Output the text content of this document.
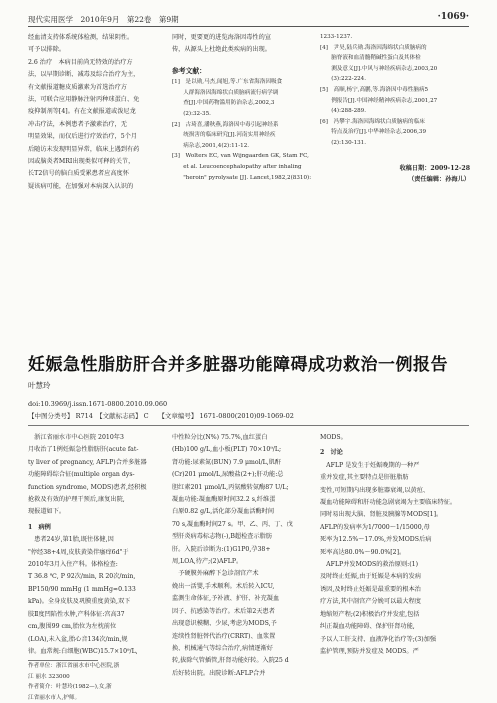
现代实用医学　2010年9月　第22卷　第9期	·1069·

经血清支持体系统体检测，结果阴性。

可予以排除。

2.6 治疗　本病目前尚无特效的治疗方

法，以早期诊断、减毒及综合治疗为主，

有文献报道糖皮质激素为首选治疗方

法，可联合应用静脉注射丙种球蛋白、免

疫抑制剂等[4]。有在文献报道或泼尼龙

冲击疗法，本例患者予激素治疗，无

明显效果，而仅后进行疗效治疗，5个月

后随访未发现明显异常，临床上遇到有药

因或脑炎者MRI出现类似可释的关节，

长T2信号的脑白质受累患者应高度怀

疑该病可能，在加强对本病深入认识的

同时，更要更的进览海洛因毒性的宣

传，从源头上杜绝此类疾病的出现。

参考文献：

[1]　是以勋,马杰,闻旭,等.广东省海洛因吸食

　　人群海洛因海绵状白质脑病流行病学调

　　查[J].中国药物滥用防治杂志,2002,3

　　(2):32-35.

[2]　古琦喜,潘秋燕,海洛因中毒引起神经系

　　统损害的临床研究[J].河南实用神经疾

　　病杂志,2001,4(2):11-12.

[3]　Wolters EC, van Wijngaarden GK, Stam FC,

　　et al. Leucoencephalopathy after inhaling

　　"heroin" pyrolysate [J]. Lancet,1982,2(8310):

1233-1237.

[4]　尹昊,陆兵勋.海洛因海绵状白质脑病的

　　脑脊液和血清髓鞘碱性蛋白及其体检

　　测及意义[J].中风与神经疾病杂志,2003,20

　　(3):222-224.

[5]　高顺,杨宁,高鹏,等.海洛因中毒性脑病5

　　例报告[J].中国神经精神疾病杂志,2001,27

　　(4):288-289.

[6]　冯攀宇.海洛因海绵状白质脑病的临床

　　特点及治疗[J].中华神经杂志,2006,39

　　(2):130-131.

收稿日期：2009-12-28

（责任编辑：孙海儿）

妊娠急性脂肪肝合并多脏器功能障碍成功救治一例报告
叶慧玲
doi:10.3969/j.issn.1671-0800.2010.09.060
【中图分类号】 R714　【文献标志码】 C　　【文章编号】 1671-0800(2010)09-1069-02

　浙江省丽水市中心医院 2010年3

月收治了1例妊娠急性脂肪肝(acute fat-

ty liver of pregnancy, AFLP)合并多脏器

功能障碍综合征(multiple organ dys-

function syndrome, MODS)患者,经积极

抢救及有效的护理干预后,康复出院,

现报道如下。

1　病例

　患者24岁,第1胎,既往体健,因

"停经38+4周,皮肤黄染伴瘙痒6d"于

2010年3月入住产科。体格检查:

T 36.8 ℃, P 92次/min, R 20次/min,

BP150/90 mmHg (1 mmHg≈0.133

kPa)。全身皮肤及巩膜重度黄染,双下

肢Ⅱ度凹陷性水肿,产科体征:宫高37

cm,腹围99 cm,胎位为左枕前位

(LOA),未入盆,胎心音134次/min,规

律。血常规:白细胞(WBC)15.7×10⁹/L,

作者单位：浙江省丽水市中心医院,浙

江 丽水 323000

作者简介：叶慧玲(1982—),女,浙

江省丽水市人,护师。

中性粒分比(N%) 75.7%,血红蛋白

(Hb)100 g/L,血小板(PLT) 70×10⁹/L;

肾功能:尿素氮(BUN) 7.9 μmol/L,肌酐

(Cr)201 μmol/L,尿酸盐(2+);肝功能:总

胆红素201 μmol/L,丙氨酸转氨酶87 U/L;

凝血功能:凝血酶原时间32.2 s,纤维蛋

白原0.82 g/L,活化部分凝血活酶时间

70 s,凝血酶时间27 s。甲、乙、丙、丁、戊

型肝炎病毒标志物(-),B超检查示脂肪

肝。入院后诊断为:(1)G1P0,孕38+

周,LOA,待产;(2)AFLP。

　予硬膜外麻醉下急诊剖宫产术

娩出一活婴,手术顺利。术后转入ICU,

监测生命体征,予补液、护肝、补充凝血

因子、抗感染等治疗。术后第2天患者

出现意识模糊、少尿,考虑为MODS,予

连续性肾脏替代治疗(CRRT)、血浆置

换、机械通气等综合治疗,病情逐渐好

转,拔除气管插管,肝肾功能好转。入院25 d

后好转出院。出院诊断:AFLP合并

MODS。

2　讨论

　AFLP 是发生于妊娠晚期的一种严

重并发症,其主要特点是肝脏脂肪

变性,可短期内出现多脏器衰竭,以黄疸、

凝血功能障碍和肝功能急剧衰竭为主要临床特征。

同时易出现大脑、肾脏及胰腺等MODS[1]。

AFLP的发病率为1/7000～1/15000,母

死率为12.5%～17.0%,并发MODS后病

死率高达80.0%～90.0%[2]。

　AFLP并发MODS的救治原则:(1)

及时终止妊娠,由于妊娠是本病的发病

诱因,及时终止妊娠是最重要的根本治

疗方法,其中剖宫产分娩可以最大程度

地缩短产程;(2)积极治疗并发症,包括

纠正凝血功能障碍、保护肝肾功能,

予以人工肝支持、血液净化治疗等;(3)加强

监护管理,预防并发症及 MODS。严
